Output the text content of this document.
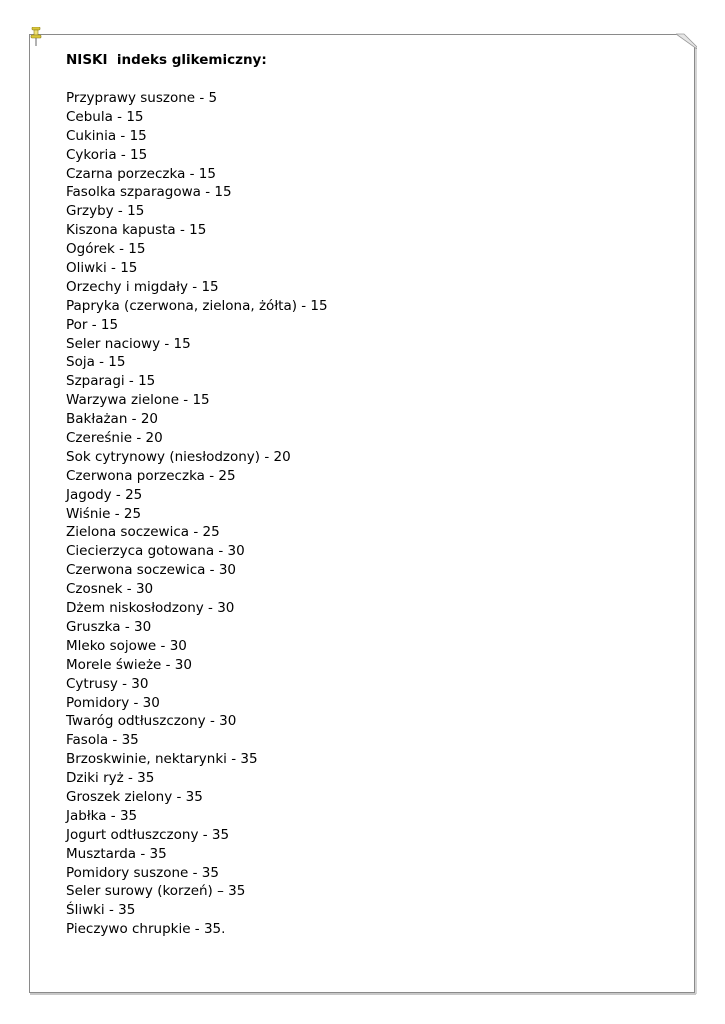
NISKI  indeks glikemiczny:
Przyprawy suszone - 5
Cebula - 15
Cukinia - 15
Cykoria - 15
Czarna porzeczka - 15
Fasolka szparagowa - 15
Grzyby - 15
Kiszona kapusta - 15
Ogórek - 15
Oliwki - 15
Orzechy i migdały - 15
Papryka (czerwona, zielona, żółta) - 15
Por - 15
Seler naciowy - 15
Soja - 15
Szparagi - 15
Warzywa zielone - 15
Bakłażan - 20
Czereśnie - 20
Sok cytrynowy (niesłodzony) - 20
Czerwona porzeczka - 25
Jagody - 25
Wiśnie - 25
Zielona soczewica - 25
Ciecierzyca gotowana - 30
Czerwona soczewica - 30
Czosnek - 30
Dżem niskosłodzony - 30
Gruszka - 30
Mleko sojowe - 30
Morele świeże - 30
Cytrusy - 30
Pomidory - 30
Twaróg odtłuszczony - 30
Fasola - 35
Brzoskwinie, nektarynki - 35
Dziki ryż - 35
Groszek zielony - 35
Jabłka - 35
Jogurt odtłuszczony - 35
Musztarda - 35
Pomidory suszone - 35
Seler surowy (korzeń) – 35
Śliwki - 35
Pieczywo chrupkie - 35.
